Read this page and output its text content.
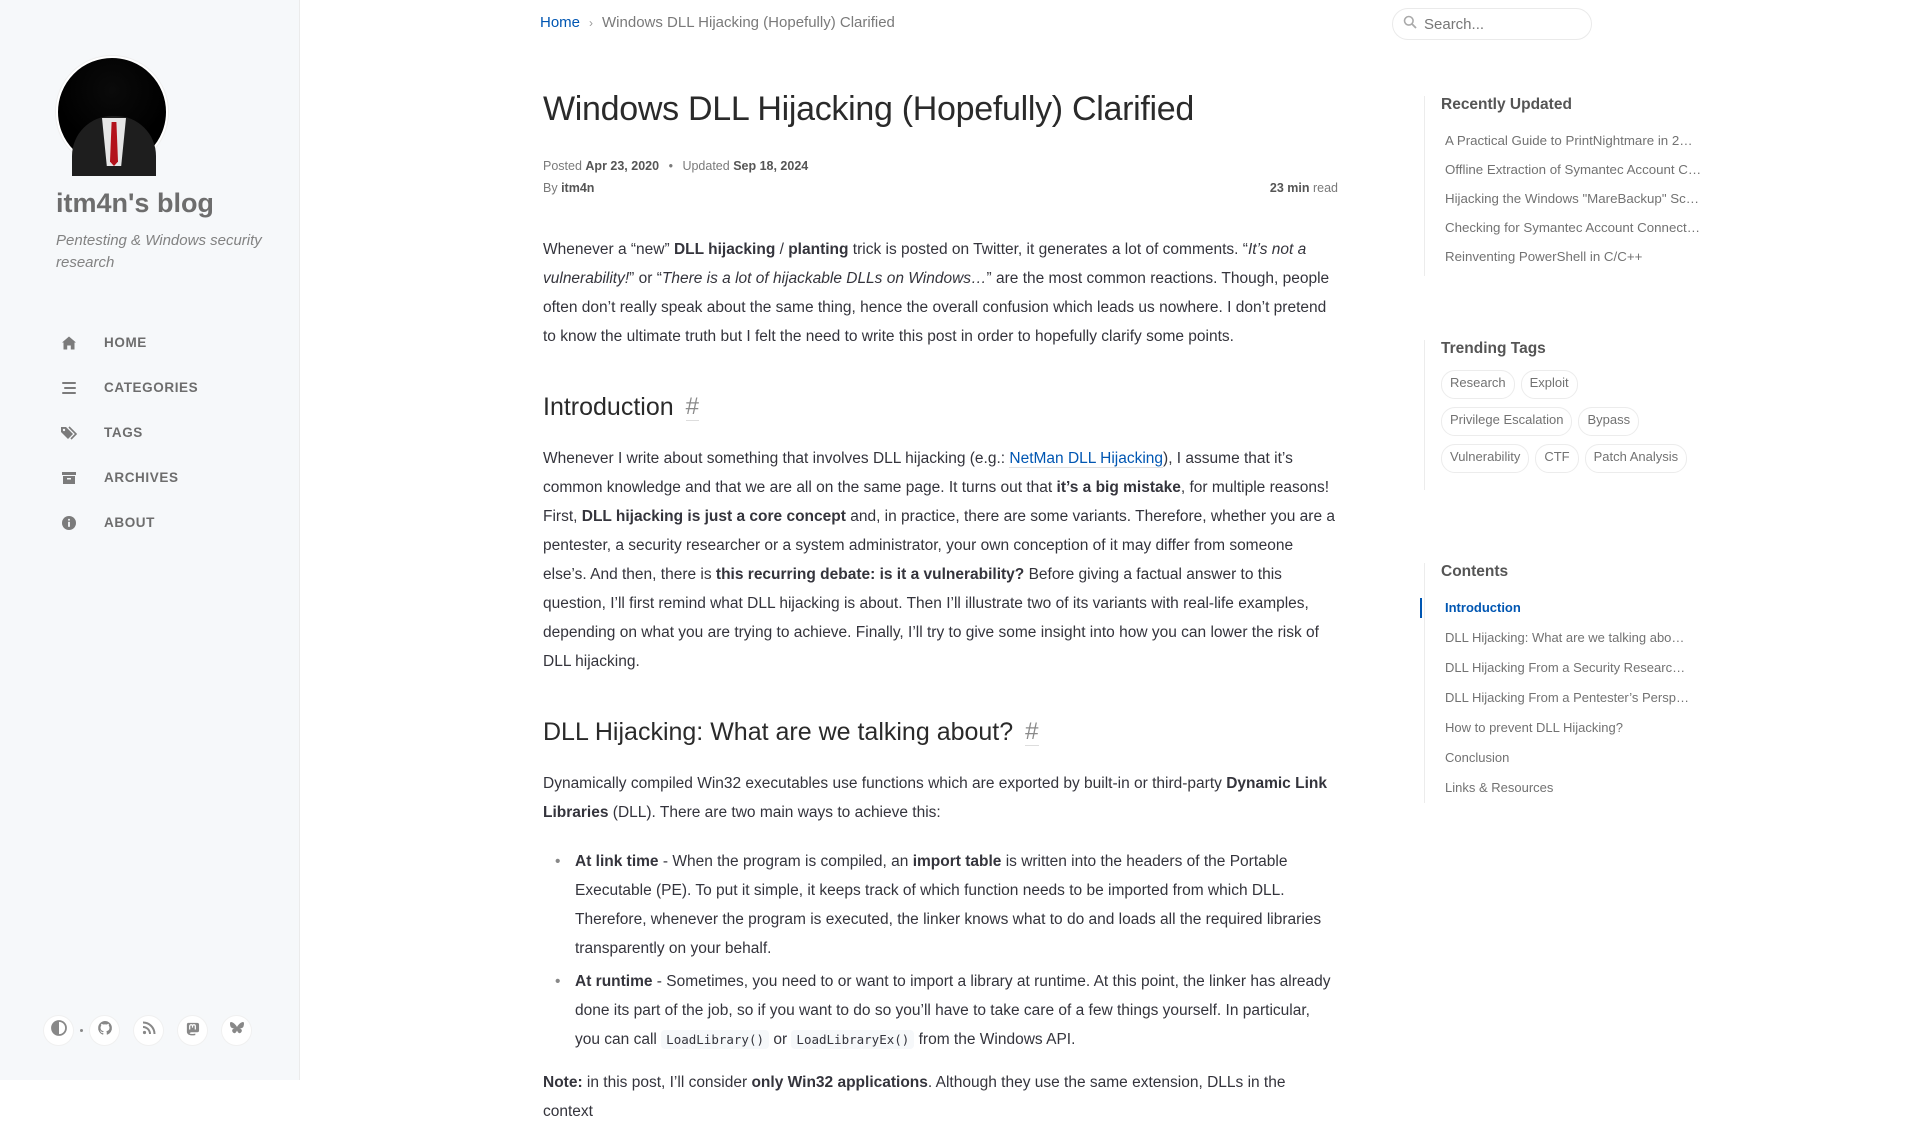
itm4n's blog
Pentesting & Windows security research
HOME
CATEGORIES
TAGS
ARCHIVES
ABOUT
Home › Windows DLL Hijacking (Hopefully) Clarified
Search...
Windows DLL Hijacking (Hopefully) Clarified
Posted Apr 23, 2020 • Updated Sep 18, 2024
By itm4n	23 min read

Whenever a “new” DLL hijacking / planting trick is posted on Twitter, it generates a lot of comments. “It’s not a vulnerability!” or “There is a lot of hijackable DLLs on Windows…” are the most common reactions. Though, people often don’t really speak about the same thing, hence the overall confusion which leads us nowhere. I don’t pretend to know the ultimate truth but I felt the need to write this post in order to hopefully clarify some points.

Introduction #

Whenever I write about something that involves DLL hijacking (e.g.: NetMan DLL Hijacking), I assume that it’s common knowledge and that we are all on the same page. It turns out that it’s a big mistake, for multiple reasons! First, DLL hijacking is just a core concept and, in practice, there are some variants. Therefore, whether you are a pentester, a security researcher or a system administrator, your own conception of it may differ from someone else’s. And then, there is this recurring debate: is it a vulnerability? Before giving a factual answer to this question, I’ll first remind what DLL hijacking is about. Then I’ll illustrate two of its variants with real-life examples, depending on what you are trying to achieve. Finally, I’ll try to give some insight into how you can lower the risk of DLL hijacking.

DLL Hijacking: What are we talking about? #

Dynamically compiled Win32 executables use functions which are exported by built-in or third-party Dynamic Link Libraries (DLL). There are two main ways to achieve this:

• At link time - When the program is compiled, an import table is written into the headers of the Portable Executable (PE). To put it simple, it keeps track of which function needs to be imported from which DLL. Therefore, whenever the program is executed, the linker knows what to do and loads all the required libraries transparently on your behalf.
• At runtime - Sometimes, you need to or want to import a library at runtime. At this point, the linker has already done its part of the job, so if you want to do so you’ll have to take care of a few things yourself. In particular, you can call LoadLibrary() or LoadLibraryEx() from the Windows API.

Note: in this post, I’ll consider only Win32 applications. Although they use the same extension, DLLs in the context

Recently Updated
A Practical Guide to PrintNightmare in 2…
Offline Extraction of Symantec Account C…
Hijacking the Windows "MareBackup" Sc…
Checking for Symantec Account Connect…
Reinventing PowerShell in C/C++
Trending Tags
Research	Exploit
Privilege Escalation	Bypass
Vulnerability	CTF	Patch Analysis
Contents
Introduction
DLL Hijacking: What are we talking abo…
DLL Hijacking From a Security Researc…
DLL Hijacking From a Pentester’s Persp…
How to prevent DLL Hijacking?
Conclusion
Links & Resources
